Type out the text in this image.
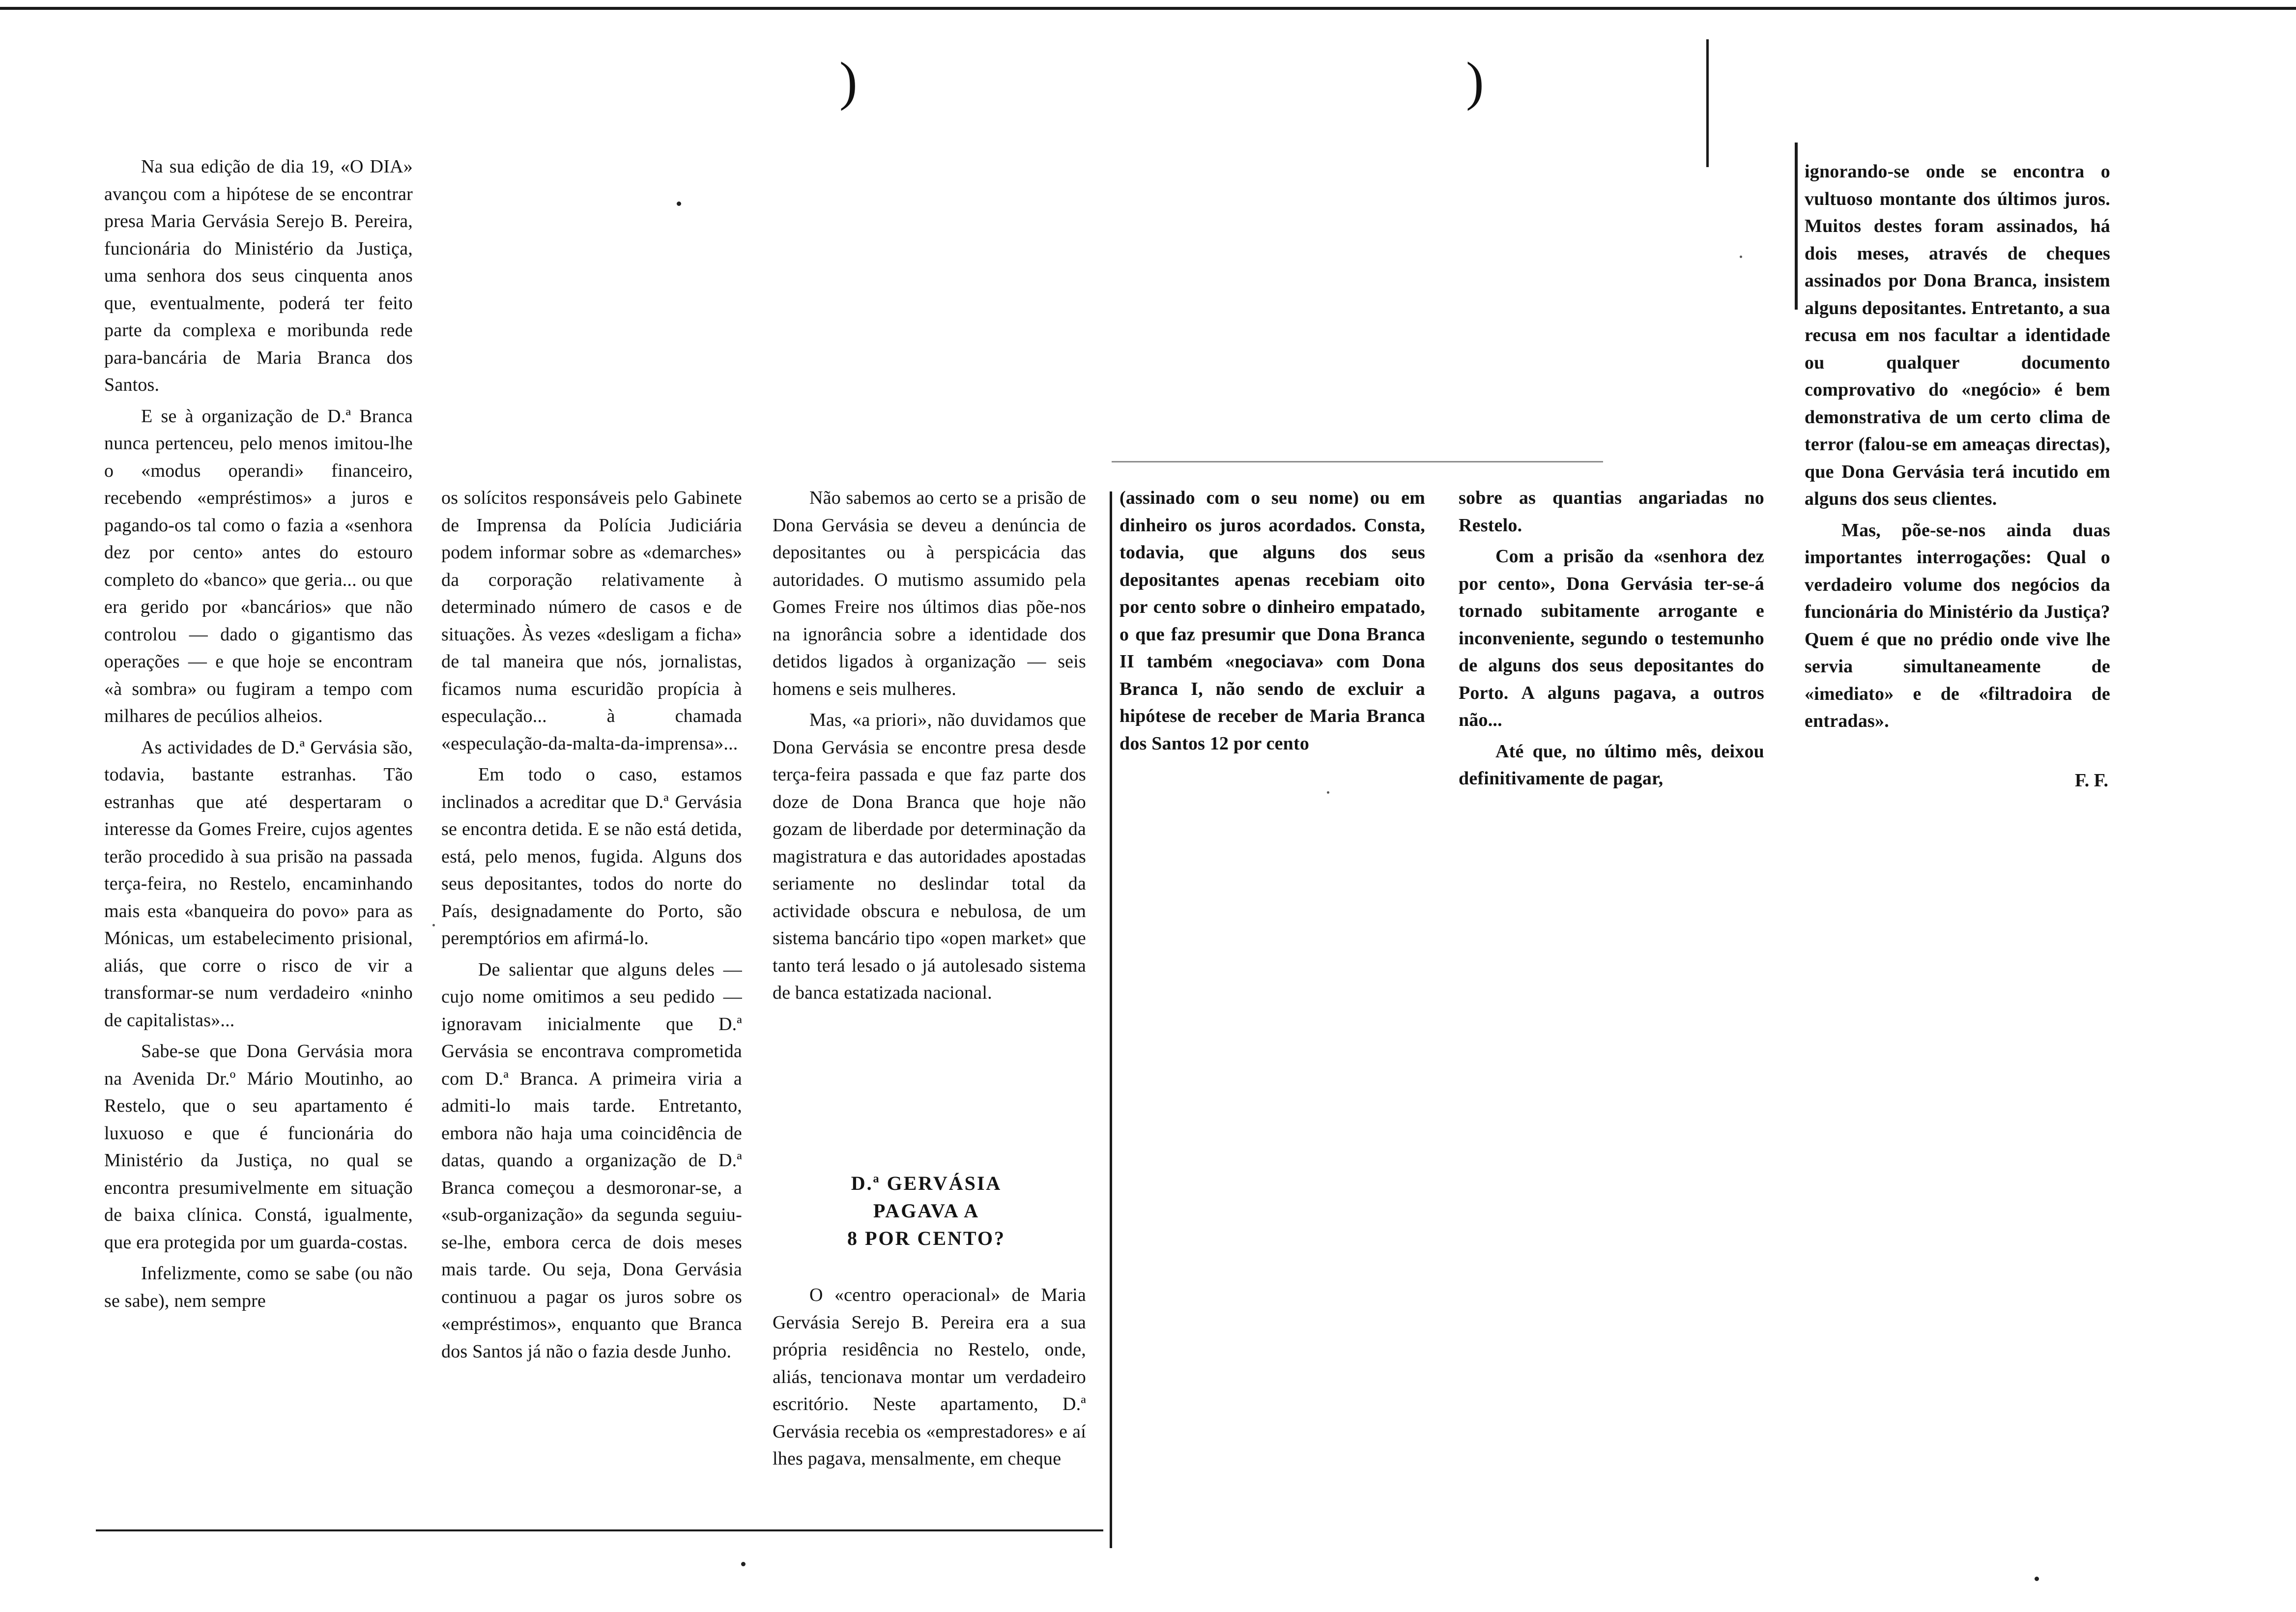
)	)

Na sua edição de dia 19, «O DIA» avançou com a hipótese de se encontrar presa Maria Gervásia Serejo B. Pereira, funcionária do Ministério da Justiça, uma senhora dos seus cinquenta anos que, eventualmente, poderá ter feito parte da complexa e moribunda rede para-bancária de Maria Branca dos Santos.

E se à organização de D.ª Branca nunca pertenceu, pelo menos imitou-lhe o «modus operandi» financeiro, recebendo «empréstimos» a juros e pagando-os tal como o fazia a «senhora dez por cento» antes do estouro completo do «banco» que geria... ou que era gerido por «bancários» que não controlou — dado o gigantismo das operações — e que hoje se encontram «à sombra» ou fugiram a tempo com milhares de pecúlios alheios.

As actividades de D.ª Gervásia são, todavia, bastante estranhas. Tão estranhas que até despertaram o interesse da Gomes Freire, cujos agentes terão procedido à sua prisão na passada terça-feira, no Restelo, encaminhando mais esta «banqueira do povo» para as Mónicas, um estabelecimento prisional, aliás, que corre o risco de vir a transformar-se num verdadeiro «ninho de capitalistas»...

Sabe-se que Dona Gervásia mora na Avenida Dr.º Mário Moutinho, ao Restelo, que o seu apartamento é luxuoso e que é funcionária do Ministério da Justiça, no qual se encontra presumivelmente em situação de baixa clínica. Constá, igualmente, que era protegida por um guarda-costas.

Infelizmente, como se sabe (ou não se sabe), nem sempre

os solícitos responsáveis pelo Gabinete de Imprensa da Polícia Judiciária podem informar sobre as «demarches» da corporação relativamente à determinado número de casos e de situações. Às vezes «desligam a ficha» de tal maneira que nós, jornalistas, ficamos numa escuridão propícia à especulação... à chamada «especulação-da-malta-da-imprensa»...

Em todo o caso, estamos inclinados a acreditar que D.ª Gervásia se encontra detida. E se não está detida, está, pelo menos, fugida. Alguns dos seus depositantes, todos do norte do País, designadamente do Porto, são peremptórios em afirmá-lo.

De salientar que alguns deles — cujo nome omitimos a seu pedido — ignoravam inicialmente que D.ª Gervásia se encontrava comprometida com D.ª Branca. A primeira viria a admiti-lo mais tarde. Entretanto, embora não haja uma coincidência de datas, quando a organização de D.ª Branca começou a desmoronar-se, a «sub-organização» da segunda seguiu-se-lhe, embora cerca de dois meses mais tarde. Ou seja, Dona Gervásia continuou a pagar os juros sobre os «empréstimos», enquanto que Branca dos Santos já não o fazia desde Junho.

Não sabemos ao certo se a prisão de Dona Gervásia se deveu a denúncia de depositantes ou à perspicácia das autoridades. O mutismo assumido pela Gomes Freire nos últimos dias põe-nos na ignorância sobre a identidade dos detidos ligados à organização — seis homens e seis mulheres.

Mas, «a priori», não duvidamos que Dona Gervásia se encontre presa desde terça-feira passada e que faz parte dos doze de Dona Branca que hoje não gozam de liberdade por determinação da magistratura e das autoridades apostadas seriamente no deslindar total da actividade obscura e nebulosa, de um sistema bancário tipo «open market» que tanto terá lesado o já autolesado sistema de banca estatizada nacional.

D.ª GERVÁSIA
PAGAVA A
8 POR CENTO?

O «centro operacional» de Maria Gervásia Serejo B. Pereira era a sua própria residência no Restelo, onde, aliás, tencionava montar um verdadeiro escritório. Neste apartamento, D.ª Gervásia recebia os «emprestadores» e aí lhes pagava, mensalmente, em cheque

(assinado com o seu nome) ou em dinheiro os juros acordados. Consta, todavia, que alguns dos seus depositantes apenas recebiam oito por cento sobre o dinheiro empatado, o que faz presumir que Dona Branca II também «negociava» com Dona Branca I, não sendo de excluir a hipótese de receber de Maria Branca dos Santos 12 por cento

sobre as quantias angariadas no Restelo.

Com a prisão da «senhora dez por cento», Dona Gervásia ter-se-á tornado subitamente arrogante e inconveniente, segundo o testemunho de alguns dos seus depositantes do Porto. A alguns pagava, a outros não...

Até que, no último mês, deixou definitivamente de pagar,

ignorando-se onde se encontra o vultuoso montante dos últimos juros. Muitos destes foram assinados, há dois meses, através de cheques assinados por Dona Branca, insistem alguns depositantes. Entretanto, a sua recusa em nos facultar a identidade ou qualquer documento comprovativo do «negócio» é bem demonstrativa de um certo clima de terror (falou-se em ameaças directas), que Dona Gervásia terá incutido em alguns dos seus clientes.

Mas, põe-se-nos ainda duas importantes interrogações: Qual o verdadeiro volume dos negócios da funcionária do Ministério da Justiça? Quem é que no prédio onde vive lhe servia simultaneamente de «imediato» e de «filtradoira de entradas».

F. F.
